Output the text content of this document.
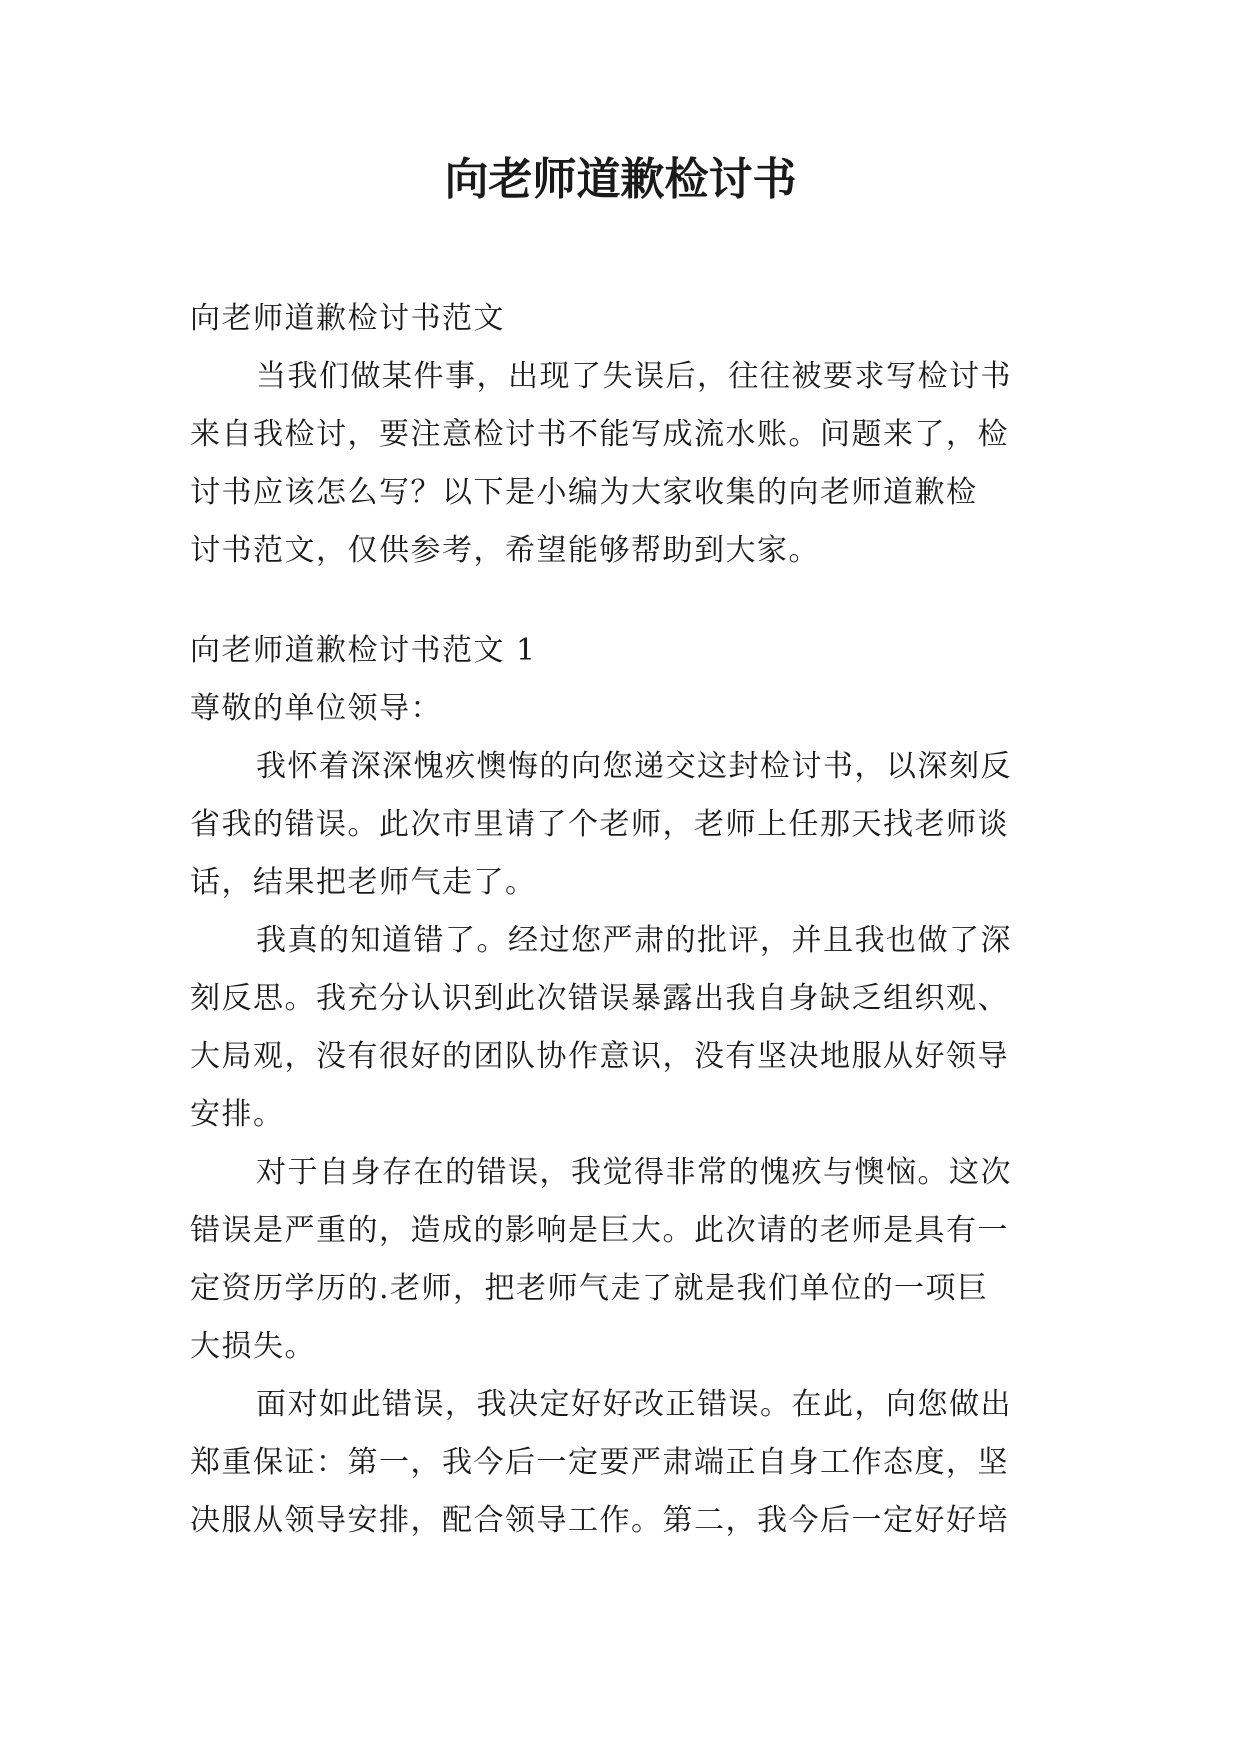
向老师道歉检讨书

向老师道歉检讨书范文

当我们做某件事，出现了失误后，往往被要求写检讨书

来自我检讨，要注意检讨书不能写成流水账。问题来了，检

讨书应该怎么写？以下是小编为大家收集的向老师道歉检

讨书范文，仅供参考，希望能够帮助到大家。

向老师道歉检讨书范文 1

尊敬的单位领导：

我怀着深深愧疚懊悔的向您递交这封检讨书，以深刻反

省我的错误。此次市里请了个老师，老师上任那天找老师谈

话，结果把老师气走了。

我真的知道错了。经过您严肃的批评，并且我也做了深

刻反思。我充分认识到此次错误暴露出我自身缺乏组织观、

大局观，没有很好的团队协作意识，没有坚决地服从好领导

安排。

对于自身存在的错误，我觉得非常的愧疚与懊恼。这次

错误是严重的，造成的影响是巨大。此次请的老师是具有一

定资历学历的.老师，把老师气走了就是我们单位的一项巨

大损失。

面对如此错误，我决定好好改正错误。在此，向您做出

郑重保证：第一，我今后一定要严肃端正自身工作态度，坚

决服从领导安排，配合领导工作。第二，我今后一定好好培
